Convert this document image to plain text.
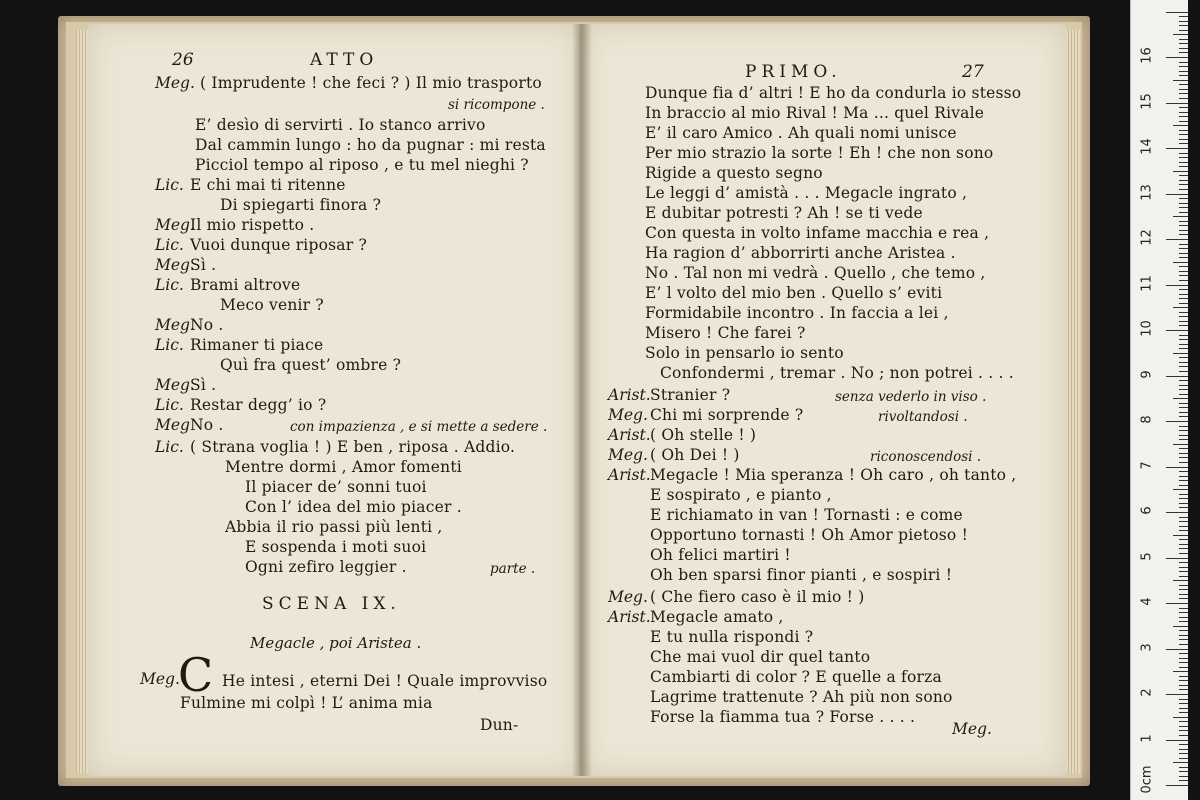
26	ATTO
Meg. ( Imprudente ! che feci ? ) Il mio trasporto
si ricompone .
E’ desìo di servirti . Io stanco arrivo
Dal cammin lungo : ho da pugnar : mi resta
Picciol tempo al riposo , e tu mel nieghi ?
Lic. E chi mai ti ritenne
Di spiegarti finora ?
Meg.
Il mio rispetto .
Lic. Vuoi dunque riposar ?
Meg.
Sì .
Lic. Brami altrove
Meco venir ?
Meg.
No .
Lic. Rimaner ti piace
Quì fra quest’ ombre ?
Meg.
Sì .
Lic. Restar degg’ io ?
Meg No .	con impazienza , e si mette a sedere .
Lic. ( Strana voglia ! ) E ben , riposa . Addio.
Mentre dormi , Amor fomenti
Il piacer de’ sonni tuoi
Con l’ idea del mio piacer .
Abbia il rio passi più lenti ,
E sospenda i moti suoi
Ogni zefiro leggier .	parte .
SCENA IX.
Megacle , poi Aristea .
Meg.
C He intesi , eterni Dei ! Quale improvviso
Fulmine mi colpì ! L’ anima mia
Dun-
PRIMO.	27
Dunque fia d’ altri ! E ho da condurla io stesso
In braccio al mio Rival ! Ma ... quel Rivale
E’ il caro Amico . Ah quali nomi unisce
Per mio strazio la sorte ! Eh ! che non sono
Rigide a questo segno
Le leggi d’ amistà . . . Megacle ingrato ,
E dubitar potresti ? Ah ! se ti vede
Con questa in volto infame macchia e rea ,
Ha ragion d’ abborrirti anche Aristea .
No . Tal non mi vedrà . Quello , che temo ,
E’ l volto del mio ben . Quello s’ eviti
Formidabile incontro . In faccia a lei ,
Misero ! Che farei ?
Solo in pensarlo io sento
Confondermi , tremar . No ; non potrei . . . .
Arist. Stranier ?	senza vederlo in viso .
Meg. Chi mi sorprende ?	rivoltandosi .
Arist. ( Oh stelle ! )
Meg. ( Oh Dei ! )	riconoscendosi .
Arist. Megacle ! Mia speranza ! Oh caro , oh tanto ,
E sospirato , e pianto ,
E richiamato in van ! Tornasti : e come
Opportuno tornasti ! Oh Amor pietoso !
Oh felici martiri !
Oh ben sparsi finor pianti , e sospiri !
Meg. ( Che fiero caso è il mio ! )
Arist. Megacle amato ,
E tu nulla rispondi ?
Che mai vuol dir quel tanto
Cambiarti di color ? E quelle a forza
Lagrime trattenute ? Ah più non sono
Forse la fiamma tua ? Forse . . . .
Meg.
0cm
1
2
3
4
5
6
7
8
9
10
11
12
13
14
15
16
